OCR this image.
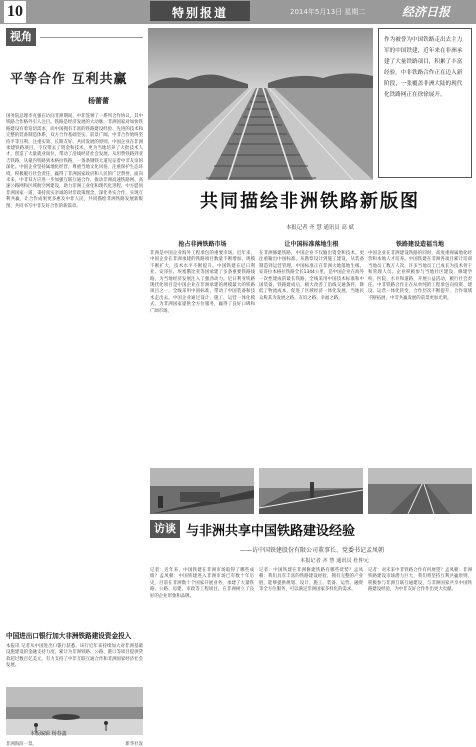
10	特别报道	2014年5月13日 星期二	经济日报
视角
平等合作 互利共赢
杨蕾蕾
国务院总理李克强在访问非洲期间，中非签署了一系列合作协议，其中铁路合作格外引人注目。铁路是经济发展的大动脉，非洲国家对加快铁路建设有着迫切需求，而中国拥有丰富的铁路建设经验、先进的技术和完整的装备制造体系，双方合作基础坚实、前景广阔。中非合作始终坚持平等互利、注重实效、长期友好、共同发展的原则。中国企业在非洲承建铁路项目，不仅带去了资金和技术，更为当地培养了大批技术人才，创造了大量就业岗位，带动了沿线经济社会发展。从坦赞铁路到亚吉铁路，从蒙内铁路到本格拉铁路，一条条钢铁大道见证着中非友谊的深化。中国企业坚持属地化经营，尊重当地文化风俗，注重保护生态环境，积极履行社会责任，赢得了非洲国家政府和人民的广泛赞誉。面向未来，中非双方应进一步加强互联互通合作，推动非洲高速铁路网、高速公路网和区域航空网建设，助力非洲工业化和现代化进程。中方愿同非洲国家一道，秉持真实亲诚的对非政策理念，深化务实合作，实现互利共赢，让合作成果更多惠及中非人民，共同描绘非洲铁路发展新版图，共同书写中非友好合作的新篇章。
作为被誉为中国铁路走出去主力军的中国铁建，近年来在非洲承建了大量铁路项目，积累了丰富经验。中非铁路合作正在迈入新阶段，一张覆盖非洲大陆的现代化铁路网正在徐徐展开。
共同描绘非洲铁路新版图
本报记者 齐 慧 通讯员 高 斌
抢占非洲铁路市场
非洲是中国企业海外工程承包的重要市场。近年来，中国企业在非洲承建的铁路项目数量不断增加，规模不断扩大，技术水平不断提升。中国铁建在尼日利亚、安哥拉、埃塞俄比亚等国承建了多条重要铁路线路，为当地经济发展注入了强劲动力。尼日利亚铁路现代化项目是中国企业在非洲承建的规模最大的铁路项目之一，全线采用中国标准，带动了中国装备和技术走出去。中国企业通过设计、施工、运营一体化模式，为非洲国家提供全方位服务，赢得了良好口碑和广阔市场。
让中国标准落地生根
在非洲修建铁路，中国企业不仅输出资金和技术，更注重输出中国标准。从勘察设计到施工建设，从装备制造到运营管理，中国标准正在非洲大地落地生根。安哥拉本格拉铁路全长1344公里，是中国企业在海外一次性建成的最长铁路，全线采用中国技术标准和中国装备。铁路建成后，极大改善了沿线交通条件，降低了物流成本，促进了区域经济一体化发展，当地民众称其为发展之路、友谊之路、幸福之路。
铁路建设造福当地
中国企业在非洲建设铁路的同时，高度重视属地化经营和本地人才培养。中国铁建在非洲各项目累计培训当地员工数万人次，许多当地员工已成长为技术骨干和管理人员。企业积极参与当地社区建设，修建学校、医院、水井和道路，开展公益活动，履行社会责任。中非铁路合作正在从单纯的工程承包向投资、建设、运营一体化转变，合作层次不断提升，合作领域不断拓展，中非共赢发展的前景更加光明。
中国进出口银行加大非洲铁路建设资金投入
本报讯 记者从中国进出口银行获悉，该行近年来持续加大对非洲基础设施建设的金融支持力度，累计为非洲铁路、公路、港口等项目提供贷款超过数百亿美元，有力支持了中非互联互通合作和非洲国家经济社会发展。
非洲海滨一景。	新华社发
访谈 与非洲共享中国铁路建设经验
——访中国铁建股份有限公司董事长、党委书记孟凤朝
本报记者 齐 慧 通讯员 杜仲元
记者：近年来，中国铁建在非洲市场取得了哪些成绩？孟凤朝：中国铁建进入非洲市场已有数十年历史，目前在非洲数十个国家开展业务，承建了大量铁路、公路、房建、市政等工程项目，在非洲树立了良好的企业形象和品牌。
记者：中国铁建在非洲修建铁路有哪些优势？孟凤朝：我们具有丰富的铁路建设经验，拥有完整的产业链，能够提供规划、设计、施工、装备、运营、融资等全方位服务，可以满足非洲国家多样化的需求。
记者：对未来中非铁路合作有何展望？孟凤朝：非洲铁路建设市场潜力巨大，我们将坚持互利共赢原则，积极参与非洲互联互通建设，与非洲国家共享中国铁路建设经验，为中非友好合作作出更大贡献。
本版编辑 杨春鑫
